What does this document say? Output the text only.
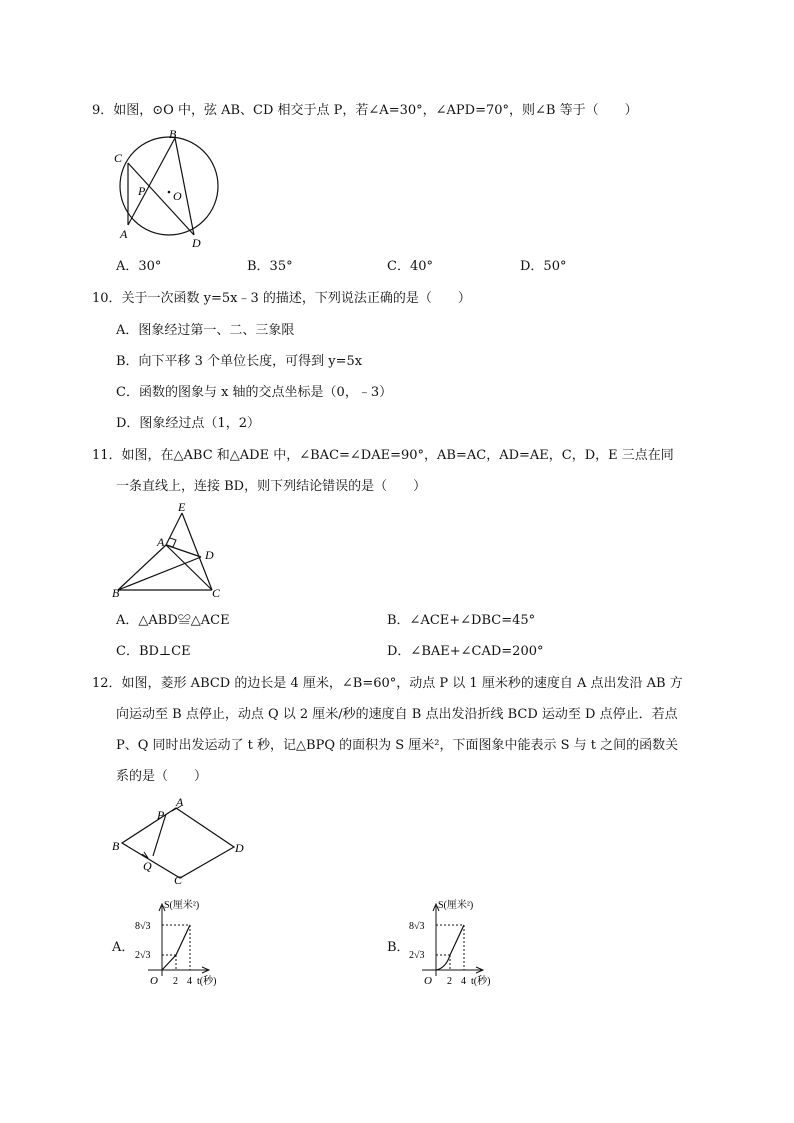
9．如图，⊙O 中，弦 AB、CD 相交于点 P，若∠A=30°，∠APD=70°，则∠B 等于（　　）
B
C
P O
A
D
A．30°	B．35°	C．40°	D．50°
10．关于一次函数 y=5x﹣3 的描述，下列说法正确的是（　　）
A．图象经过第一、二、三象限
B．向下平移 3 个单位长度，可得到 y=5x
C．函数的图象与 x 轴的交点坐标是（0，﹣3）
D．图象经过点（1，2）
11．如图，在△ABC 和△ADE 中，∠BAC=∠DAE=90°，AB=AC，AD=AE，C，D，E 三点在同
一条直线上，连接 BD，则下列结论错误的是（　　）
E
A
D
B	C
A．△ABD≌△ACE	B．∠ACE+∠DBC=45°
C．BD⊥CE	D．∠BAE+∠CAD=200°
12．如图，菱形 ABCD 的边长是 4 厘米，∠B=60°，动点 P 以 1 厘米秒的速度自 A 点出发沿 AB 方
向运动至 B 点停止，动点 Q 以 2 厘米/秒的速度自 B 点出发沿折线 BCD 运动至 D 点停止．若点
P、Q 同时出发运动了 t 秒，记△BPQ 的面积为 S 厘米²，下面图象中能表示 S 与 t 之间的函数关
系的是（　　）
A
P
B	D
Q
C
A．
8√3
2√3
S(厘米²)
O 2 4 t(秒)
B．
8√3
2√3
S(厘米²)
O 2 4 t(秒)
